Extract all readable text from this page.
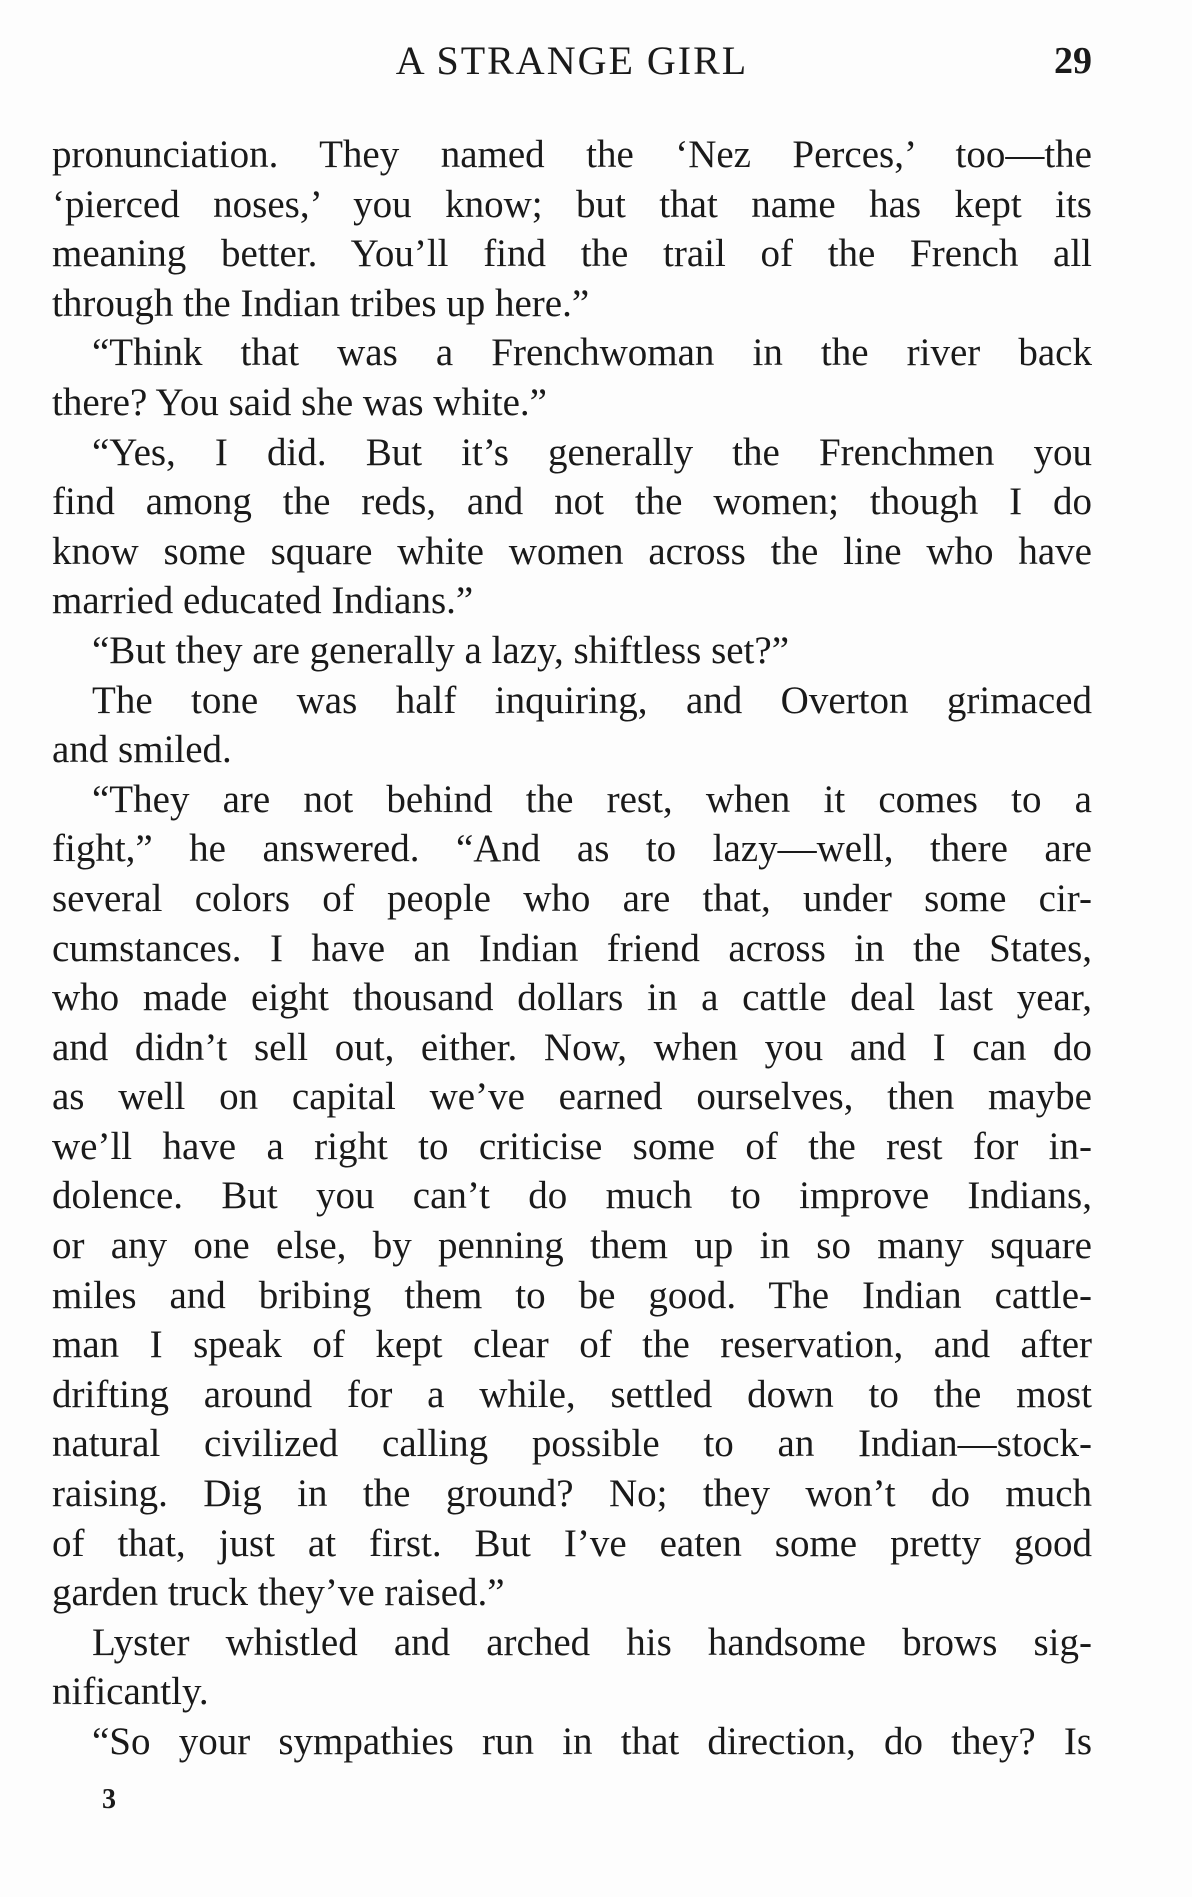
A STRANGE GIRL	29
pronunciation. They named the ‘Nez Perces,’ too—the
‘pierced noses,’ you know; but that name has kept its
meaning better. You’ll find the trail of the French all
through the Indian tribes up here.”
“Think that was a Frenchwoman in the river back
there? You said she was white.”
“Yes, I did. But it’s generally the Frenchmen you
find among the reds, and not the women; though I do
know some square white women across the line who have
married educated Indians.”
“But they are generally a lazy, shiftless set?”
The tone was half inquiring, and Overton grimaced
and smiled.
“They are not behind the rest, when it comes to a
fight,” he answered. “And as to lazy—well, there are
several colors of people who are that, under some cir-
cumstances. I have an Indian friend across in the States,
who made eight thousand dollars in a cattle deal last year,
and didn’t sell out, either. Now, when you and I can do
as well on capital we’ve earned ourselves, then maybe
we’ll have a right to criticise some of the rest for in-
dolence. But you can’t do much to improve Indians,
or any one else, by penning them up in so many square
miles and bribing them to be good. The Indian cattle-
man I speak of kept clear of the reservation, and after
drifting around for a while, settled down to the most
natural civilized calling possible to an Indian—stock-
raising. Dig in the ground? No; they won’t do much
of that, just at first. But I’ve eaten some pretty good
garden truck they’ve raised.”
Lyster whistled and arched his handsome brows sig-
nificantly.
“So your sympathies run in that direction, do they? Is
3
